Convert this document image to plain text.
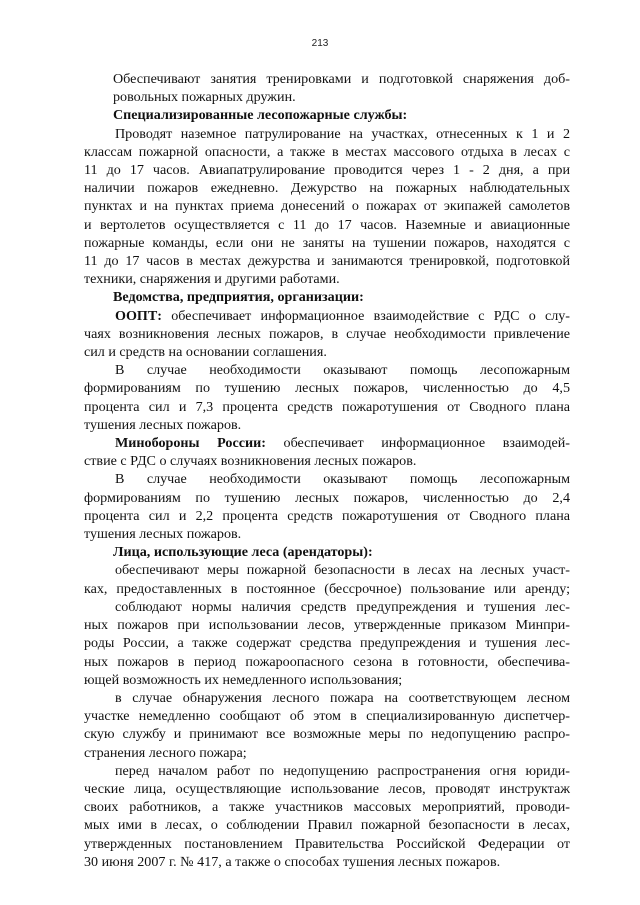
213
Обеспечивают занятия тренировками и подготовкой снаряжения доб-
ровольных пожарных дружин.
Специализированные лесопожарные службы:
Проводят наземное патрулирование на участках, отнесенных к 1 и 2
классам пожарной опасности, а также в местах массового отдыха в лесах с
11 до 17 часов. Авиапатрулирование проводится через 1 - 2 дня, а при
наличии пожаров ежедневно. Дежурство на пожарных наблюдательных
пунктах и на пунктах приема донесений о пожарах от экипажей самолетов
и вертолетов осуществляется с 11 до 17 часов. Наземные и авиационные
пожарные команды, если они не заняты на тушении пожаров, находятся с
11 до 17 часов в местах дежурства и занимаются тренировкой, подготовкой
техники, снаряжения и другими работами.
Ведомства, предприятия, организации:
ООПТ: обеспечивает информационное взаимодействие с РДС о слу-
чаях возникновения лесных пожаров, в случае необходимости привлечение
сил и средств на основании соглашения.
В случае необходимости оказывают помощь лесопожарным
формированиям по тушению лесных пожаров, численностью до 4,5
процента сил и 7,3 процента средств пожаротушения от Сводного плана
тушения лесных пожаров.
Минобороны России: обеспечивает информационное взаимодей-
ствие с РДС о случаях возникновения лесных пожаров.
В случае необходимости оказывают помощь лесопожарным
формированиям по тушению лесных пожаров, численностью до 2,4
процента сил и 2,2 процента средств пожаротушения от Сводного плана
тушения лесных пожаров.
Лица, использующие леса (арендаторы):
обеспечивают меры пожарной безопасности в лесах на лесных участ-
ках, предоставленных в постоянное (бессрочное) пользование или аренду;
соблюдают нормы наличия средств предупреждения и тушения лес-
ных пожаров при использовании лесов, утвержденные приказом Минпри-
роды России, а также содержат средства предупреждения и тушения лес-
ных пожаров в период пожароопасного сезона в готовности, обеспечива-
ющей возможность их немедленного использования;
в случае обнаружения лесного пожара на соответствующем лесном
участке немедленно сообщают об этом в специализированную диспетчер-
скую службу и принимают все возможные меры по недопущению распро-
странения лесного пожара;
перед началом работ по недопущению распространения огня юриди-
ческие лица, осуществляющие использование лесов, проводят инструктаж
своих работников, а также участников массовых мероприятий, проводи-
мых ими в лесах, о соблюдении Правил пожарной безопасности в лесах,
утвержденных постановлением Правительства Российской Федерации от
30 июня 2007 г. № 417, а также о способах тушения лесных пожаров.
